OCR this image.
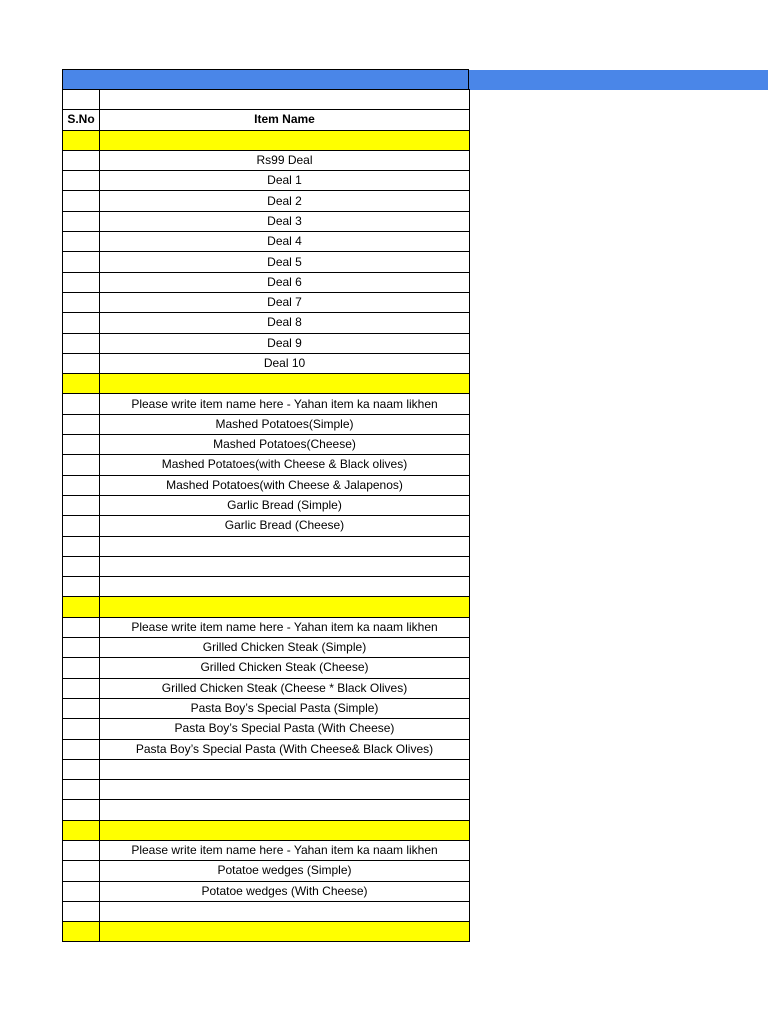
S.No	Item Name

	Rs99 Deal
	Deal 1
	Deal 2
	Deal 3
	Deal 4
	Deal 5
	Deal 6
	Deal 7
	Deal 8
	Deal 9
	Deal 10

	Please write item name here - Yahan item ka naam likhen
	Mashed Potatoes(Simple)
	Mashed Potatoes(Cheese)
	Mashed Potatoes(with Cheese & Black olives)
	Mashed Potatoes(with Cheese & Jalapenos)
	Garlic Bread (Simple)
	Garlic Bread (Cheese)

	Please write item name here - Yahan item ka naam likhen
	Grilled Chicken Steak (Simple)
	Grilled Chicken Steak (Cheese)
	Grilled Chicken Steak (Cheese * Black Olives)
	Pasta Boy’s Special Pasta (Simple)
	Pasta Boy’s Special Pasta (With Cheese)
	Pasta Boy’s Special Pasta (With Cheese& Black Olives)

	Please write item name here - Yahan item ka naam likhen
	Potatoe wedges (Simple)
	Potatoe wedges (With Cheese)
